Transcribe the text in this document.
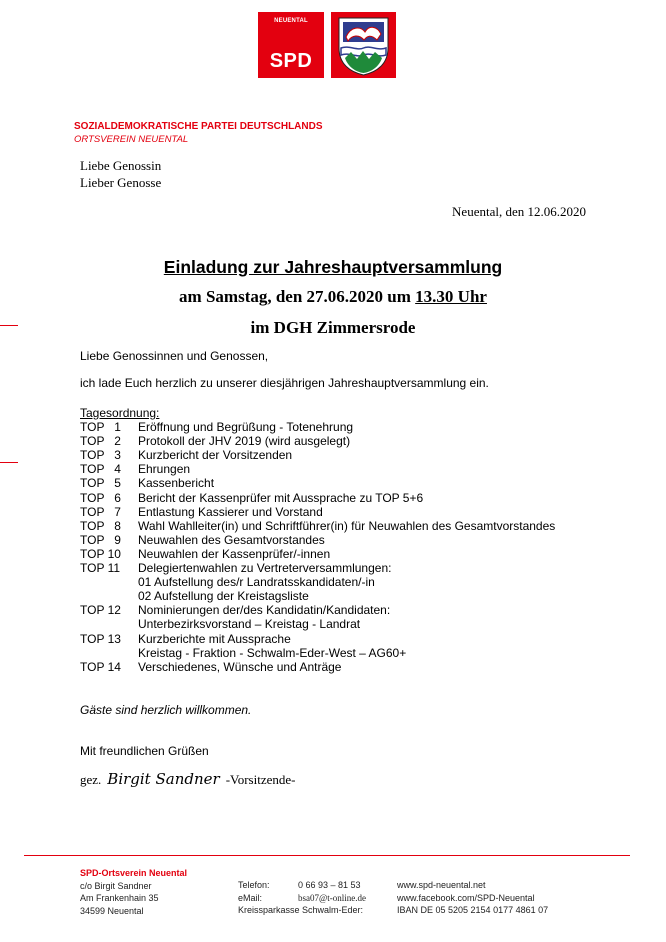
NEUENTAL
SPD
SOZIALDEMOKRATISCHE PARTEI DEUTSCHLANDS
ORTSVEREIN NEUENTAL
Liebe Genossin
Lieber Genosse
Neuental, den 12.06.2020
Einladung zur Jahreshauptversammlung
am Samstag, den 27.06.2020 um 13.30 Uhr
im DGH Zimmersrode
Liebe Genossinnen und Genossen,
ich lade Euch herzlich zu unserer diesjährigen Jahreshauptversammlung ein.
Tagesordnung:
TOP   1	Eröffnung und Begrüßung - Totenehrung
TOP   2	Protokoll der JHV 2019 (wird ausgelegt)
TOP   3	Kurzbericht der Vorsitzenden
TOP   4	Ehrungen
TOP   5	Kassenbericht
TOP   6	Bericht der Kassenprüfer mit Aussprache zu TOP 5+6
TOP   7	Entlastung Kassierer und Vorstand
TOP   8	Wahl Wahlleiter(in) und Schriftführer(in) für Neuwahlen des Gesamtvorstandes
TOP   9	Neuwahlen des Gesamtvorstandes
TOP 10	Neuwahlen der Kassenprüfer/-innen
TOP 11	Delegiertenwahlen zu Vertreterversammlungen:
01 Aufstellung des/r Landratsskandidaten/-in
02 Aufstellung der Kreistagsliste
TOP 12	Nominierungen der/des Kandidatin/Kandidaten:
Unterbezirksvorstand – Kreistag - Landrat
TOP 13	Kurzberichte mit Aussprache
Kreistag - Fraktion - Schwalm-Eder-West – AG60+
TOP 14	Verschiedenes, Wünsche und Anträge
Gäste sind herzlich willkommen.
Mit freundlichen Grüßen
gez. Birgit Sandner -Vorsitzende-
SPD-Ortsverein Neuental
c/o Birgit Sandner
Am Frankenhain 35
34599 Neuental
Telefon:	0 66 93 – 81 53
eMail:	bsa07@t-online.de
Kreissparkasse Schwalm-Eder:
www.spd-neuental.net
www.facebook.com/SPD-Neuental
IBAN DE 05 5205 2154 0177 4861 07
